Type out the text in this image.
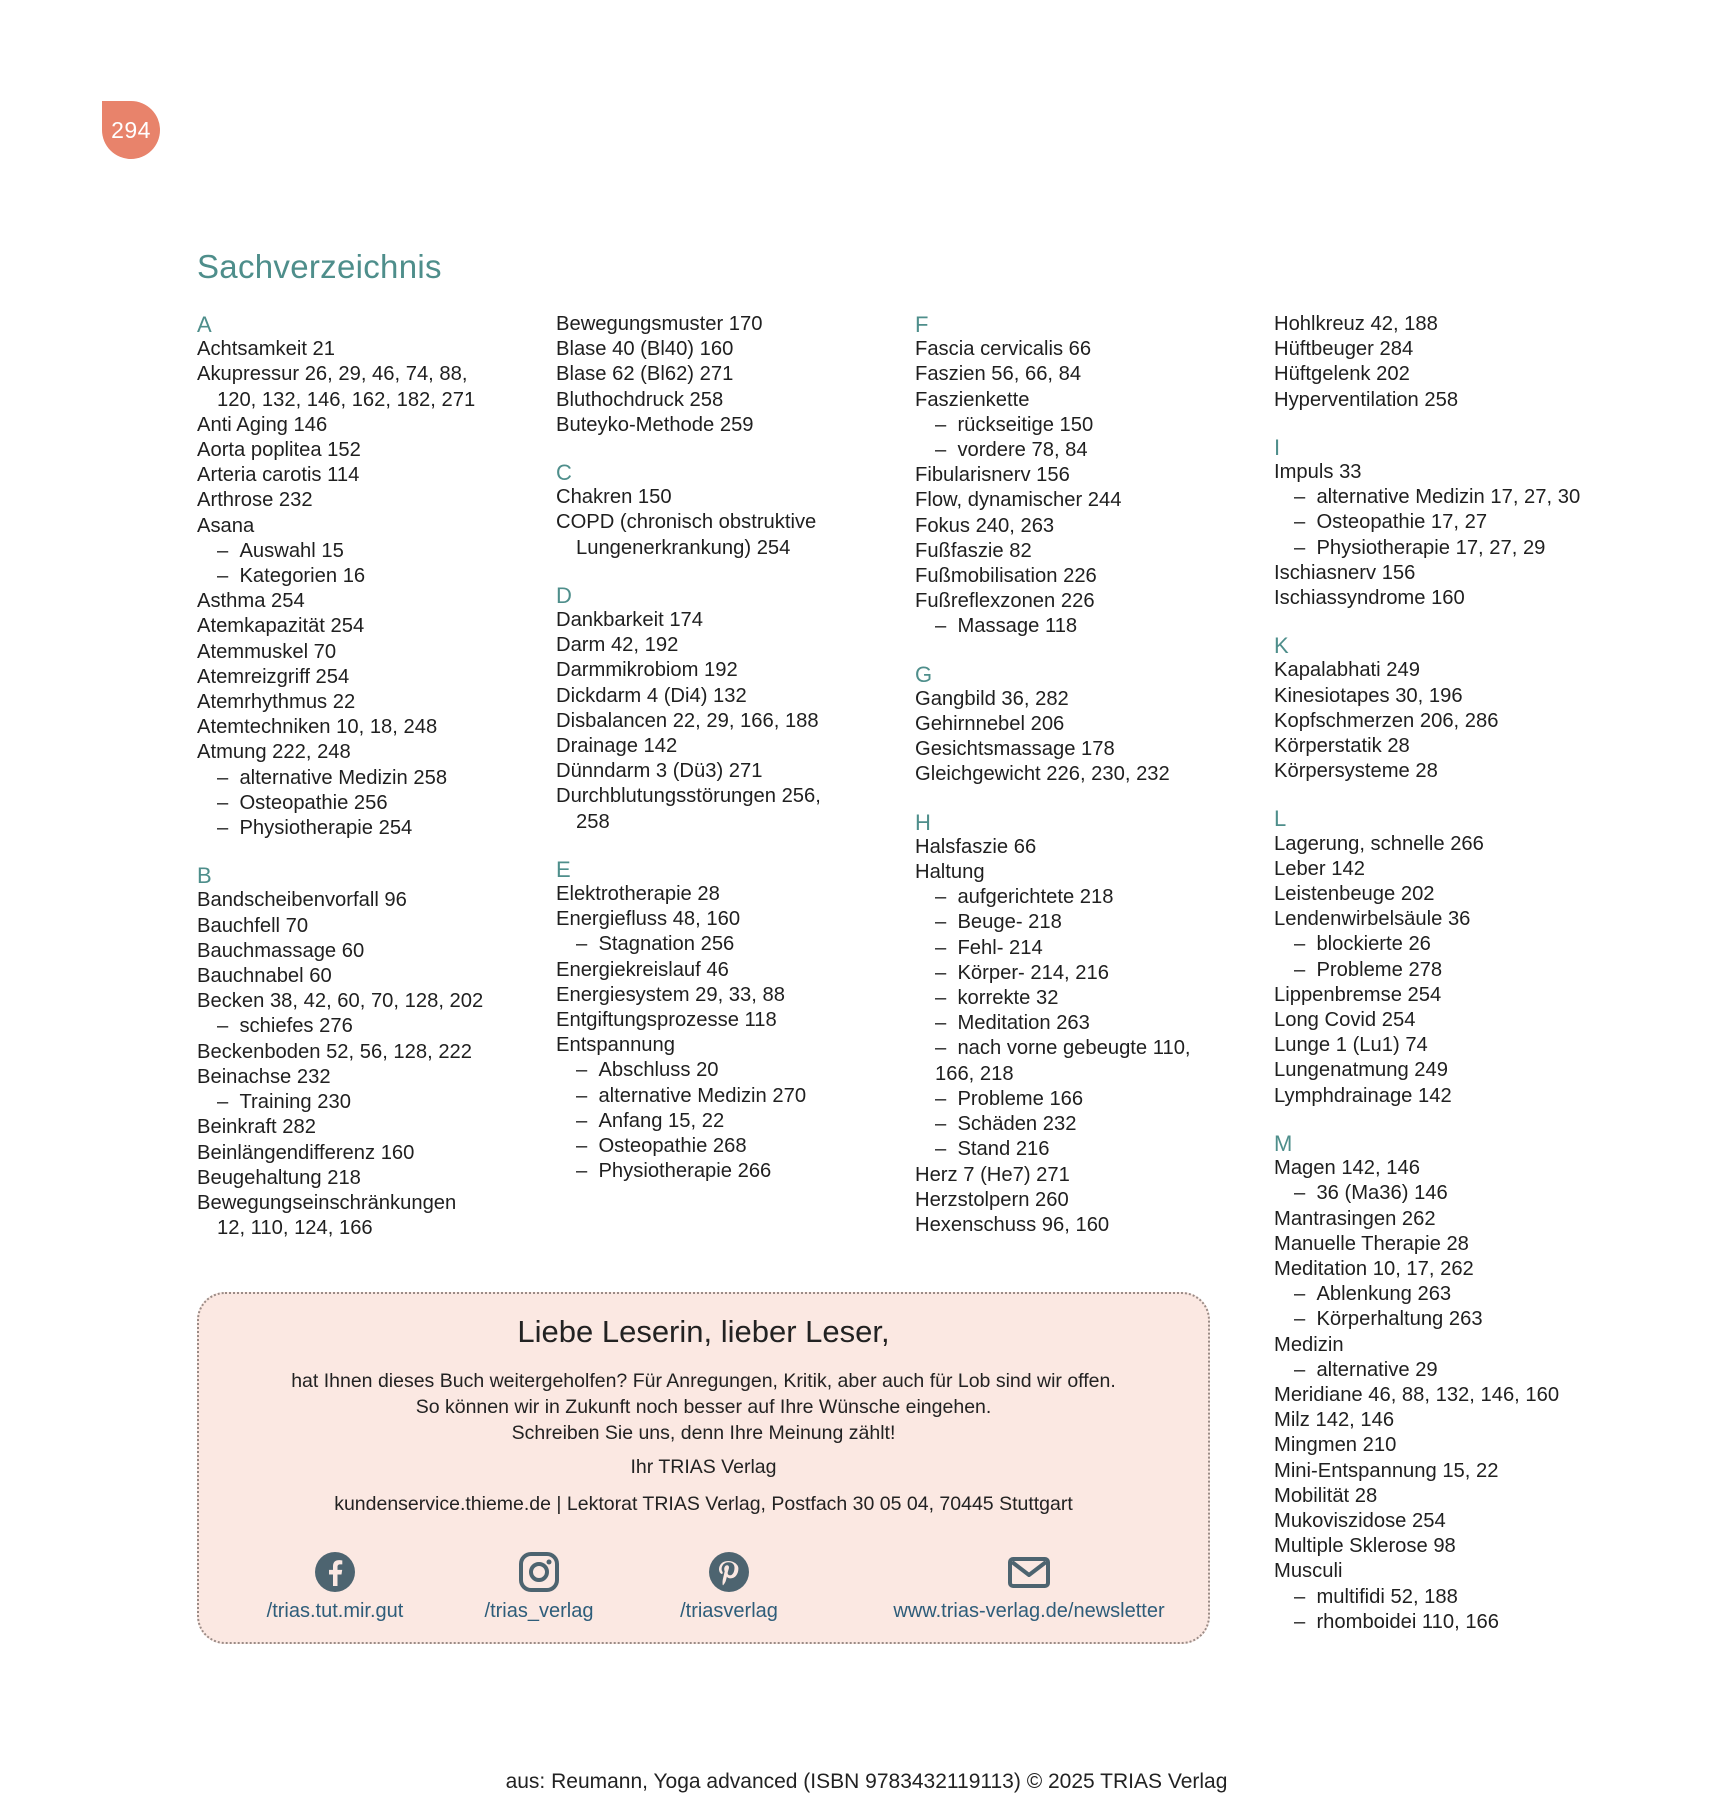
294
Sachverzeichnis
A
Achtsamkeit 21
Akupressur 26, 29, 46, 74, 88,
120, 132, 146, 162, 182, 271
Anti Aging 146
Aorta poplitea 152
Arteria carotis 114
Arthrose 232
Asana
–  Auswahl 15
–  Kategorien 16
Asthma 254
Atemkapazität 254
Atemmuskel 70
Atemreizgriff 254
Atemrhythmus 22
Atemtechniken 10, 18, 248
Atmung 222, 248
–  alternative Medizin 258
–  Osteopathie 256
–  Physiotherapie 254
B
Bandscheibenvorfall 96
Bauchfell 70
Bauchmassage 60
Bauchnabel 60
Becken 38, 42, 60, 70, 128, 202
–  schiefes 276
Beckenboden 52, 56, 128, 222
Beinachse 232
–  Training 230
Beinkraft 282
Beinlängendifferenz 160
Beugehaltung 218
Bewegungseinschränkungen
12, 110, 124, 166
Bewegungsmuster 170
Blase 40 (Bl40) 160
Blase 62 (Bl62) 271
Bluthochdruck 258
Buteyko-Methode 259
C
Chakren 150
COPD (chronisch obstruktive
Lungenerkrankung) 254
D
Dankbarkeit 174
Darm 42, 192
Darmmikrobiom 192
Dickdarm 4 (Di4) 132
Disbalancen 22, 29, 166, 188
Drainage 142
Dünndarm 3 (Dü3) 271
Durchblutungsstörungen 256,
258
E
Elektrotherapie 28
Energiefluss 48, 160
–  Stagnation 256
Energiekreislauf 46
Energiesystem 29, 33, 88
Entgiftungsprozesse 118
Entspannung
–  Abschluss 20
–  alternative Medizin 270
–  Anfang 15, 22
–  Osteopathie 268
–  Physiotherapie 266
F
Fascia cervicalis 66
Faszien 56, 66, 84
Faszienkette
–  rückseitige 150
–  vordere 78, 84
Fibularisnerv 156
Flow, dynamischer 244
Fokus 240, 263
Fußfaszie 82
Fußmobilisation 226
Fußreflexzonen 226
–  Massage 118
G
Gangbild 36, 282
Gehirnnebel 206
Gesichtsmassage 178
Gleichgewicht 226, 230, 232
H
Halsfaszie 66
Haltung
–  aufgerichtete 218
–  Beuge- 218
–  Fehl- 214
–  Körper- 214, 216
–  korrekte 32
–  Meditation 263
–  nach vorne gebeugte 110,
166, 218
–  Probleme 166
–  Schäden 232
–  Stand 216
Herz 7 (He7) 271
Herzstolpern 260
Hexenschuss 96, 160
Hohlkreuz 42, 188
Hüftbeuger 284
Hüftgelenk 202
Hyperventilation 258
I
Impuls 33
–  alternative Medizin 17, 27, 30
–  Osteopathie 17, 27
–  Physiotherapie 17, 27, 29
Ischiasnerv 156
Ischiassyndrome 160
K
Kapalabhati 249
Kinesiotapes 30, 196
Kopfschmerzen 206, 286
Körperstatik 28
Körpersysteme 28
L
Lagerung, schnelle 266
Leber 142
Leistenbeuge 202
Lendenwirbelsäule 36
–  blockierte 26
–  Probleme 278
Lippenbremse 254
Long Covid 254
Lunge 1 (Lu1) 74
Lungenatmung 249
Lymphdrainage 142
M
Magen 142, 146
–  36 (Ma36) 146
Mantrasingen 262
Manuelle Therapie 28
Meditation 10, 17, 262
–  Ablenkung 263
–  Körperhaltung 263
Medizin
–  alternative 29
Meridiane 46, 88, 132, 146, 160
Milz 142, 146
Mingmen 210
Mini-Entspannung 15, 22
Mobilität 28
Mukoviszidose 254
Multiple Sklerose 98
Musculi
–  multifidi 52, 188
–  rhomboidei 110, 166
Liebe Leserin, lieber Leser,
hat Ihnen dieses Buch weitergeholfen? Für Anregungen, Kritik, aber auch für Lob sind wir offen.
So können wir in Zukunft noch besser auf Ihre Wünsche eingehen.
Schreiben Sie uns, denn Ihre Meinung zählt!
Ihr TRIAS Verlag
kundenservice.thieme.de | Lektorat TRIAS Verlag, Postfach 30 05 04, 70445 Stuttgart
/trias.tut.mir.gut	/trias_verlag	/triasverlag	www.trias-verlag.de/newsletter
aus: Reumann, Yoga advanced (ISBN 9783432119113) © 2025 TRIAS Verlag
